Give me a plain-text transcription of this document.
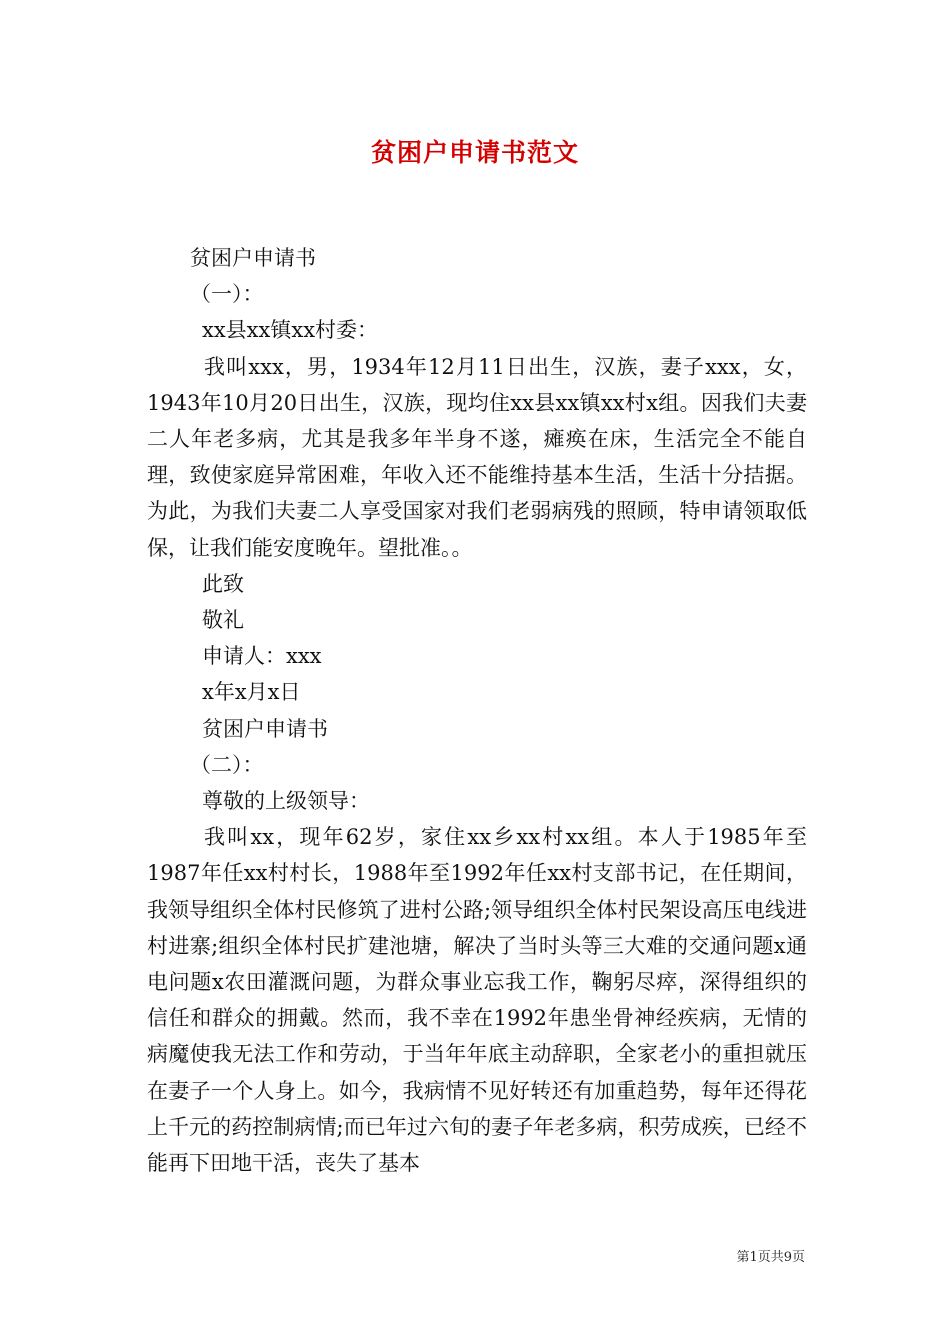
贫困户申请书范文
贫困户申请书
（一）：
xx县xx镇xx村委：
我叫xxx，男，1934年12月11日出生，汉族，妻子xxx，女，1943年10月20日出生，汉族，现均住xx县xx镇xx村x组。因我们夫妻二人年老多病，尤其是我多年半身不遂，瘫痪在床，生活完全不能自理，致使家庭异常困难，年收入还不能维持基本生活，生活十分拮据。为此，为我们夫妻二人享受国家对我们老弱病残的照顾，特申请领取低保，让我们能安度晚年。望批准。。
此致
敬礼
申请人：xxx
x年x月x日
贫困户申请书
（二）：
尊敬的上级领导：
我叫xx，现年62岁，家住xx乡xx村xx组。本人于1985年至1987年任xx村村长，1988年至1992年任xx村支部书记，在任期间，我领导组织全体村民修筑了进村公路;领导组织全体村民架设高压电线进村进寨;组织全体村民扩建池塘，解决了当时头等三大难的交通问题x通电问题x农田灌溉问题，为群众事业忘我工作，鞠躬尽瘁，深得组织的信任和群众的拥戴。然而，我不幸在1992年患坐骨神经疾病，无情的病魔使我无法工作和劳动，于当年年底主动辞职，全家老小的重担就压在妻子一个人身上。如今，我病情不见好转还有加重趋势，每年还得花上千元的药控制病情;而已年过六旬的妻子年老多病，积劳成疾，已经不能再下田地干活，丧失了基本
第1页共9页
